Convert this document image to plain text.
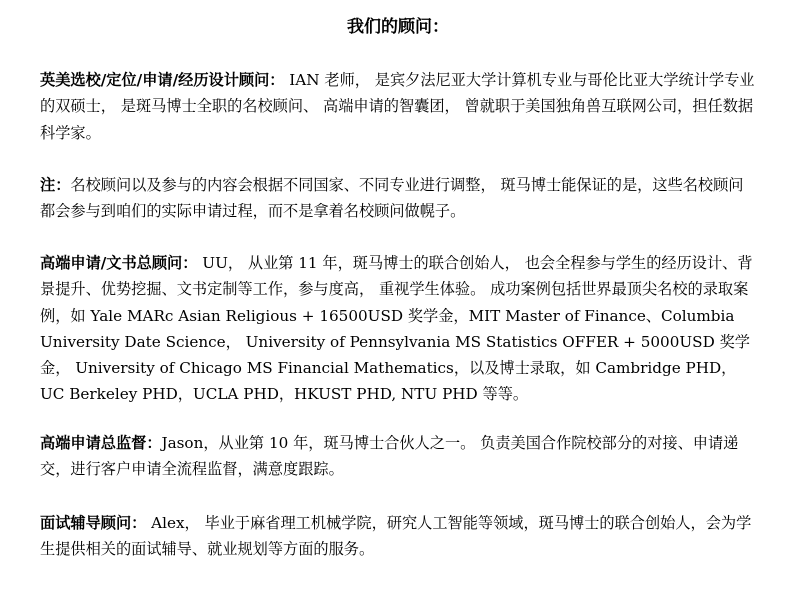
我们的顾问：

英美选校/定位/申请/经历设计顾问： IAN 老师， 是宾夕法尼亚大学计算机专业与哥伦比亚大学统计学专业的双硕士， 是斑马博士全职的名校顾问、 高端申请的智囊团， 曾就职于美国独角兽互联网公司，担任数据科学家。

注：名校顾问以及参与的内容会根据不同国家、不同专业进行调整， 斑马博士能保证的是，这些名校顾问都会参与到咱们的实际申请过程，而不是拿着名校顾问做幌子。

高端申请/文书总顾问： UU， 从业第 11 年，斑马博士的联合创始人， 也会全程参与学生的经历设计、背景提升、优势挖掘、文书定制等工作，参与度高， 重视学生体验。 成功案例包括世界最顶尖名校的录取案例，如 Yale MARc Asian Religious + 16500USD 奖学金，MIT Master of Finance、Columbia University Date Science， University of Pennsylvania MS Statistics OFFER + 5000USD 奖学金， University of Chicago MS Financial Mathematics，以及博士录取，如 Cambridge PHD，UC Berkeley PHD，UCLA PHD，HKUST PHD, NTU PHD 等等。

高端申请总监督：Jason，从业第 10 年，斑马博士合伙人之一。 负责美国合作院校部分的对接、申请递交，进行客户申请全流程监督，满意度跟踪。

面试辅导顾问： Alex， 毕业于麻省理工机械学院，研究人工智能等领域，斑马博士的联合创始人，会为学生提供相关的面试辅导、就业规划等方面的服务。
